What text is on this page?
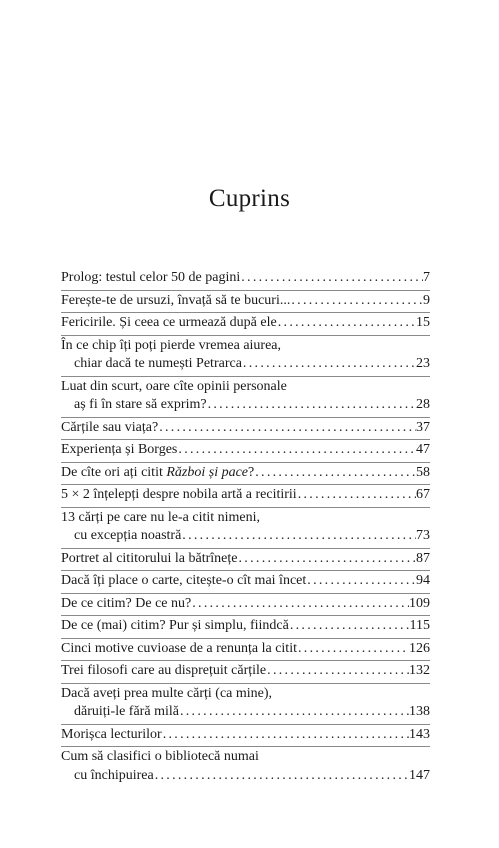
Cuprins
Prolog: testul celor 50 de pagini .....	7
Ferește-te de ursuzi, învață să te bucuri... .....	9
Fericirile. Și ceea ce urmează după ele .....	15
În ce chip îți poți pierde vremea aiurea,
chiar dacă te numești Petrarca .....	23
Luat din scurt, oare cîte opinii personale
aș fi în stare să exprim? .....	28
Cărțile sau viața? .....	37
Experiența și Borges .....	47
De cîte ori ați citit Război și pace? .....	58
5 × 2 înțelepți despre nobila artă a recitirii .....	67
13 cărți pe care nu le-a citit nimeni,
cu excepția noastră .....	73
Portret al cititorului la bătrînețe .....	87
Dacă îți place o carte, citește-o cît mai încet .....	94
De ce citim? De ce nu? .....	109
De ce (mai) citim? Pur și simplu, fiindcă .....	115
Cinci motive cuvioase de a renunța la citit .....	126
Trei filosofi care au disprețuit cărțile .....	132
Dacă aveți prea multe cărți (ca mine),
dăruiți-le fără milă .....	138
Morișca lecturilor .....	143
Cum să clasifici o bibliotecă numai
cu închipuirea .....	147
